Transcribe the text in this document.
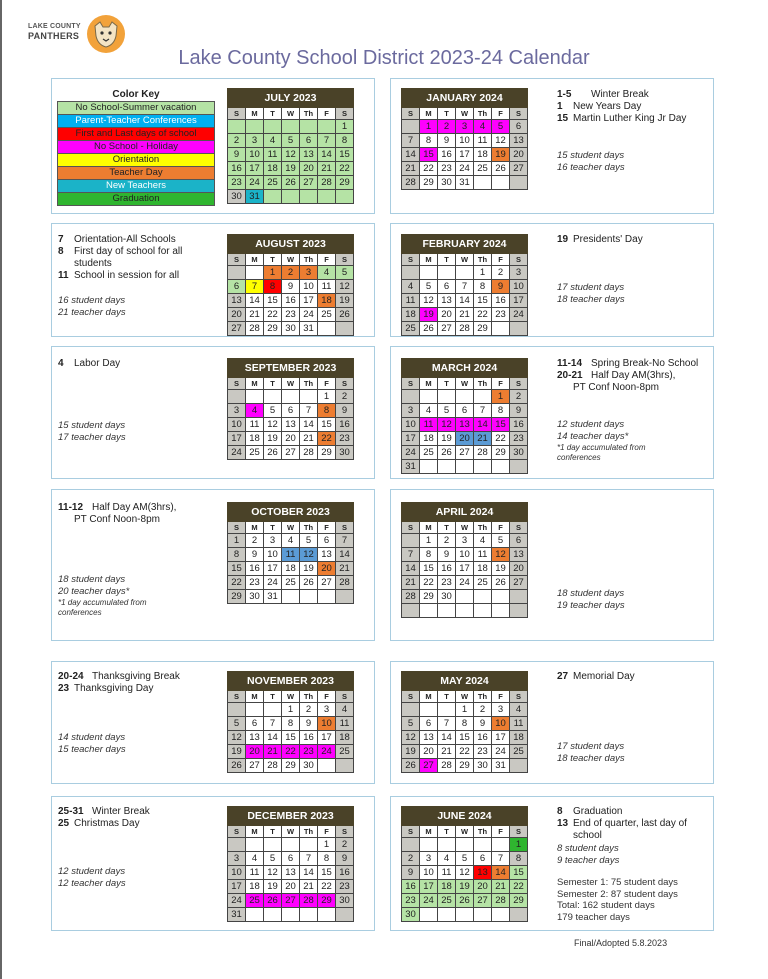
LAKE COUNTY
PANTHERS
Lake County School District 2023-24 Calendar
Color Key
No School-Summer vacation
Parent-Teacher Conferences
First and Last days of school
No School - Holiday
Orientation
Teacher Day
New Teachers
Graduation
JULY 2023						
S	M	T	W	Th	F	S
						1
2	3	4	5	6	7	8
9	10	11	12	13	14	15
16	17	18	19	20	21	22
23	24	25	26	27	28	29
30	31					
JANUARY 2024						
S	M	T	W	Th	F	S
	1	2	3	4	5	6
7	8	9	10	11	12	13
14	15	16	17	18	19	20
21	22	23	24	25	26	27
28	29	30	31			
1-5 Winter Break
1 New Years Day
15 Martin Luther King Jr Day
15 student days
16 teacher days
7 Orientation-All Schools
8 First day of school for all
students
11 School in session for all
16 student days
21 teacher days
AUGUST 2023						
S	M	T	W	Th	F	S
		1	2	3	4	5
6	7	8	9	10	11	12
13	14	15	16	17	18	19
20	21	22	23	24	25	26
27	28	29	30	31		
FEBRUARY 2024						
S	M	T	W	Th	F	S
				1	2	3
4	5	6	7	8	9	10
11	12	13	14	15	16	17
18	19	20	21	22	23	24
25	26	27	28	29		
19 Presidents' Day
17 student days
18 teacher days
4 Labor Day
15 student days
17 teacher days
SEPTEMBER 2023						
S	M	T	W	Th	F	S
					1	2
3	4	5	6	7	8	9
10	11	12	13	14	15	16
17	18	19	20	21	22	23
24	25	26	27	28	29	30
MARCH 2024						
S	M	T	W	Th	F	S
					1	2
3	4	5	6	7	8	9
10	11	12	13	14	15	16
17	18	19	20	21	22	23
24	25	26	27	28	29	30
31						
11-14 Spring Break-No School
20-21 Half Day AM(3hrs),
PT Conf Noon-8pm
12 student days
14 teacher days*
*1 day accumulated from
conferences
11-12 Half Day AM(3hrs),
PT Conf Noon-8pm
18 student days
20 teacher days*
*1 day accumulated from
conferences
OCTOBER 2023						
S	M	T	W	Th	F	S
1	2	3	4	5	6	7
8	9	10	11	12	13	14
15	16	17	18	19	20	21
22	23	24	25	26	27	28
29	30	31				
APRIL 2024						
S	M	T	W	Th	F	S
	1	2	3	4	5	6
7	8	9	10	11	12	13
14	15	16	17	18	19	20
21	22	23	24	25	26	27
28	29	30				
							18 student days
19 teacher days
20-24 Thanksgiving Break
23 Thanksgiving Day
14 student days
15 teacher days
NOVEMBER 2023						
S	M	T	W	Th	F	S
			1	2	3	4
5	6	7	8	9	10	11
12	13	14	15	16	17	18
19	20	21	22	23	24	25
26	27	28	29	30		
MAY 2024						
S	M	T	W	Th	F	S
			1	2	3	4
5	6	7	8	9	10	11
12	13	14	15	16	17	18
19	20	21	22	23	24	25
26	27	28	29	30	31	
27 Memorial Day
17 student days
18 teacher days
25-31 Winter Break
25 Christmas Day
12 student days
12 teacher days
DECEMBER 2023						
S	M	T	W	Th	F	S
					1	2
3	4	5	6	7	8	9
10	11	12	13	14	15	16
17	18	19	20	21	22	23
24	25	26	27	28	29	30
31						
JUNE 2024						
S	M	T	W	Th	F	S
						1
2	3	4	5	6	7	8
9	10	11	12	13	14	15
16	17	18	19	20	21	22
23	24	25	26	27	28	29
30						
8 Graduation
13 End of quarter, last day of
school
8 student days
9 teacher days
Semester 1: 75 student days
Semester 2: 87 student days
Total: 162 student days
179 teacher days
Final/Adopted 5.8.2023
